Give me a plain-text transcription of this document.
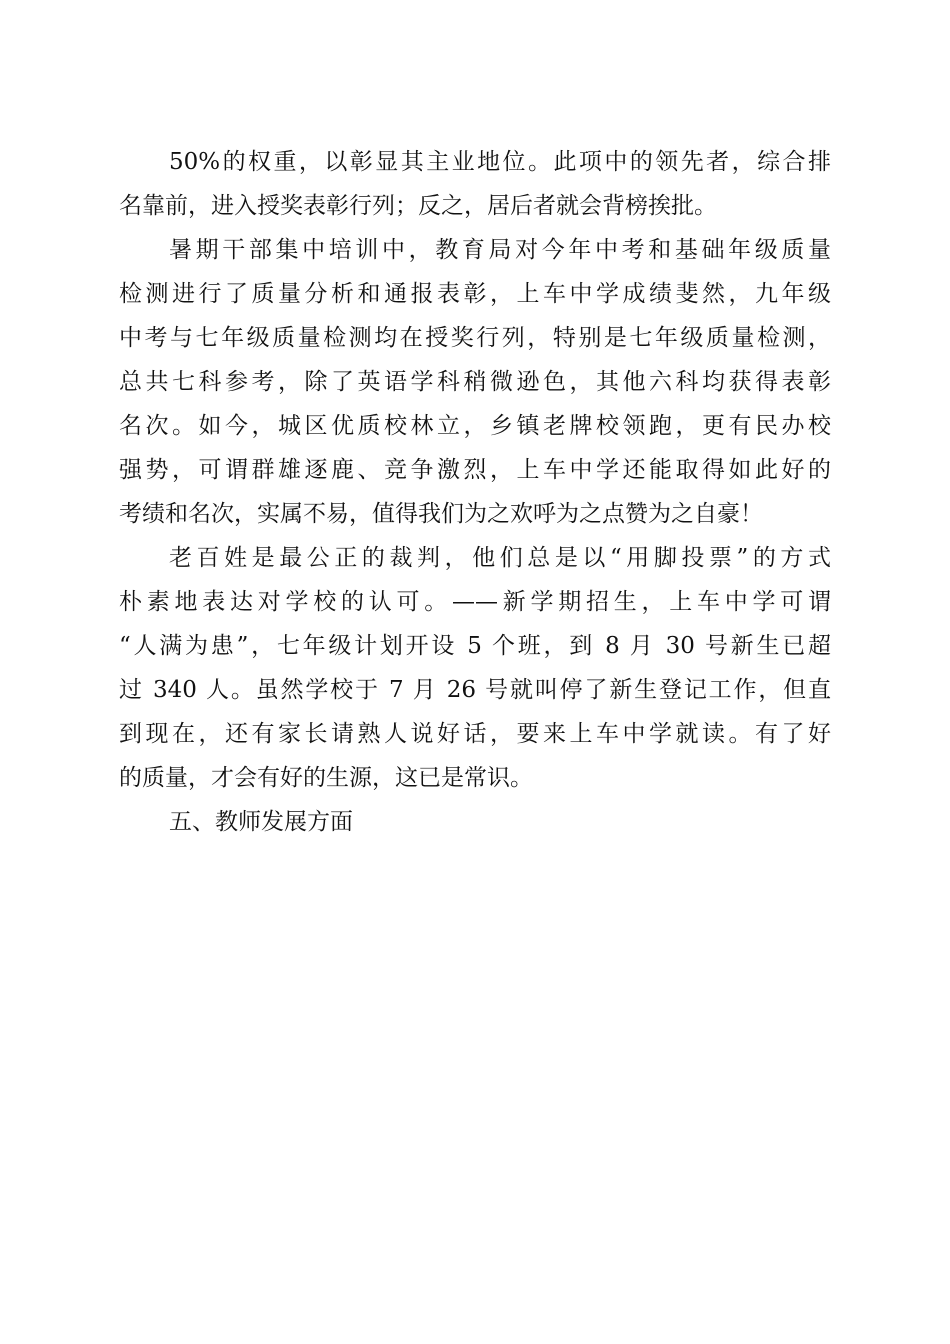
50%的权重，以彰显其主业地位。此项中的领先者，综合排
名靠前，进入授奖表彰行列；反之，居后者就会背榜挨批。
暑期干部集中培训中，教育局对今年中考和基础年级质量
检测进行了质量分析和通报表彰，上车中学成绩斐然，九年级
中考与七年级质量检测均在授奖行列，特别是七年级质量检测，
总共七科参考，除了英语学科稍微逊色，其他六科均获得表彰
名次。如今，城区优质校林立，乡镇老牌校领跑，更有民办校
强势，可谓群雄逐鹿、竞争激烈，上车中学还能取得如此好的
考绩和名次，实属不易，值得我们为之欢呼为之点赞为之自豪！
老百姓是最公正的裁判，他们总是以“用脚投票”的方式
朴素地表达对学校的认可。——新学期招生，上车中学可谓
“人满为患”，七年级计划开设 5 个班，到 8 月 30 号新生已超
过 340 人。虽然学校于 7 月 26 号就叫停了新生登记工作，但直
到现在，还有家长请熟人说好话，要来上车中学就读。有了好
的质量，才会有好的生源，这已是常识。
五、教师发展方面
